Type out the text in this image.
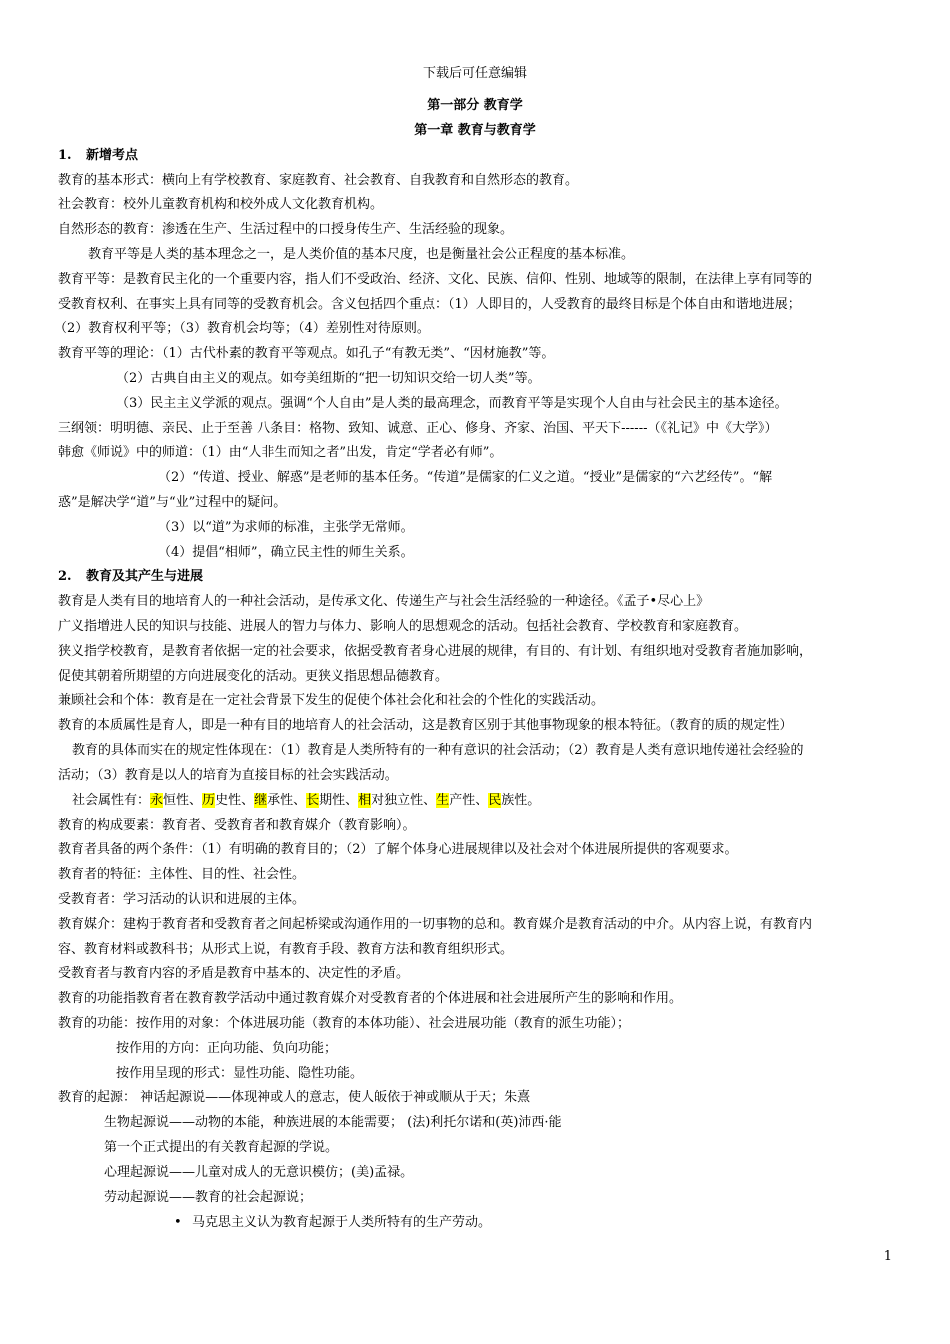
下载后可任意编辑
第一部分 教育学
第一章 教育与教育学
1. 新增考点
教育的基本形式：横向上有学校教育、家庭教育、社会教育、自我教育和自然形态的教育。
社会教育：校外儿童教育机构和校外成人文化教育机构。
自然形态的教育：渗透在生产、生活过程中的口授身传生产、生活经验的现象。
教育平等是人类的基本理念之一，是人类价值的基本尺度，也是衡量社会公正程度的基本标准。
教育平等：是教育民主化的一个重要内容，指人们不受政治、经济、文化、民族、信仰、性别、地域等的限制，在法律上享有同等的
受教育权利、在事实上具有同等的受教育机会。含义包括四个重点：（1）人即目的，人受教育的最终目标是个体自由和谐地进展；
（2）教育权利平等；（3）教育机会均等；（4）差别性对待原则。
教育平等的理论：（1）古代朴素的教育平等观点。如孔子“有教无类”、“因材施教”等。
（2）古典自由主义的观点。如夸美纽斯的“把一切知识交给一切人类”等。
（3）民主主义学派的观点。强调“个人自由”是人类的最高理念，而教育平等是实现个人自由与社会民主的基本途径。
三纲领：明明德、亲民、止于至善 八条目：格物、致知、诚意、正心、修身、齐家、治国、平天下------（《礼记》中《大学》）
韩愈《师说》中的师道：（1）由“人非生而知之者”出发，肯定“学者必有师”。
（2）“传道、授业、解惑”是老师的基本任务。“传道”是儒家的仁义之道。“授业”是儒家的“六艺经传”。“解
惑”是解决学“道”与“业”过程中的疑问。
（3）以“道”为求师的标准，主张学无常师。
（4）提倡“相师”，确立民主性的师生关系。
2. 教育及其产生与进展
教育是人类有目的地培育人的一种社会活动，是传承文化、传递生产与社会生活经验的一种途径。《孟子•尽心上》
广义指增进人民的知识与技能、进展人的智力与体力、影响人的思想观念的活动。包括社会教育、学校教育和家庭教育。
狭义指学校教育，是教育者依据一定的社会要求，依据受教育者身心进展的规律，有目的、有计划、有组织地对受教育者施加影响，
促使其朝着所期望的方向进展变化的活动。更狭义指思想品德教育。
兼顾社会和个体：教育是在一定社会背景下发生的促使个体社会化和社会的个性化的实践活动。
教育的本质属性是育人，即是一种有目的地培育人的社会活动，这是教育区别于其他事物现象的根本特征。（教育的质的规定性）
教育的具体而实在的规定性体现在：（1）教育是人类所特有的一种有意识的社会活动；（2）教育是人类有意识地传递社会经验的
活动；（3）教育是以人的培育为直接目标的社会实践活动。
社会属性有：永恒性、历史性、继承性、长期性、相对独立性、生产性、民族性。
教育的构成要素：教育者、受教育者和教育媒介（教育影响）。
教育者具备的两个条件：（1）有明确的教育目的；（2）了解个体身心进展规律以及社会对个体进展所提供的客观要求。
教育者的特征：主体性、目的性、社会性。
受教育者：学习活动的认识和进展的主体。
教育媒介：建构于教育者和受教育者之间起桥梁或沟通作用的一切事物的总和。教育媒介是教育活动的中介。从内容上说，有教育内
容、教育材料或教科书；从形式上说，有教育手段、教育方法和教育组织形式。
受教育者与教育内容的矛盾是教育中基本的、决定性的矛盾。
教育的功能指教育者在教育教学活动中通过教育媒介对受教育者的个体进展和社会进展所产生的影响和作用。
教育的功能：按作用的对象：个体进展功能（教育的本体功能）、社会进展功能（教育的派生功能）；
按作用的方向：正向功能、负向功能；
按作用呈现的形式：显性功能、隐性功能。
教育的起源： 神话起源说——体现神或人的意志，使人皈依于神或顺从于天；朱熹
生物起源说——动物的本能，种族进展的本能需要； (法)利托尔诺和(英)沛西·能
第一个正式提出的有关教育起源的学说。
心理起源说——儿童对成人的无意识模仿；(美)孟禄。
劳动起源说——教育的社会起源说；
• 马克思主义认为教育起源于人类所特有的生产劳动。
1
